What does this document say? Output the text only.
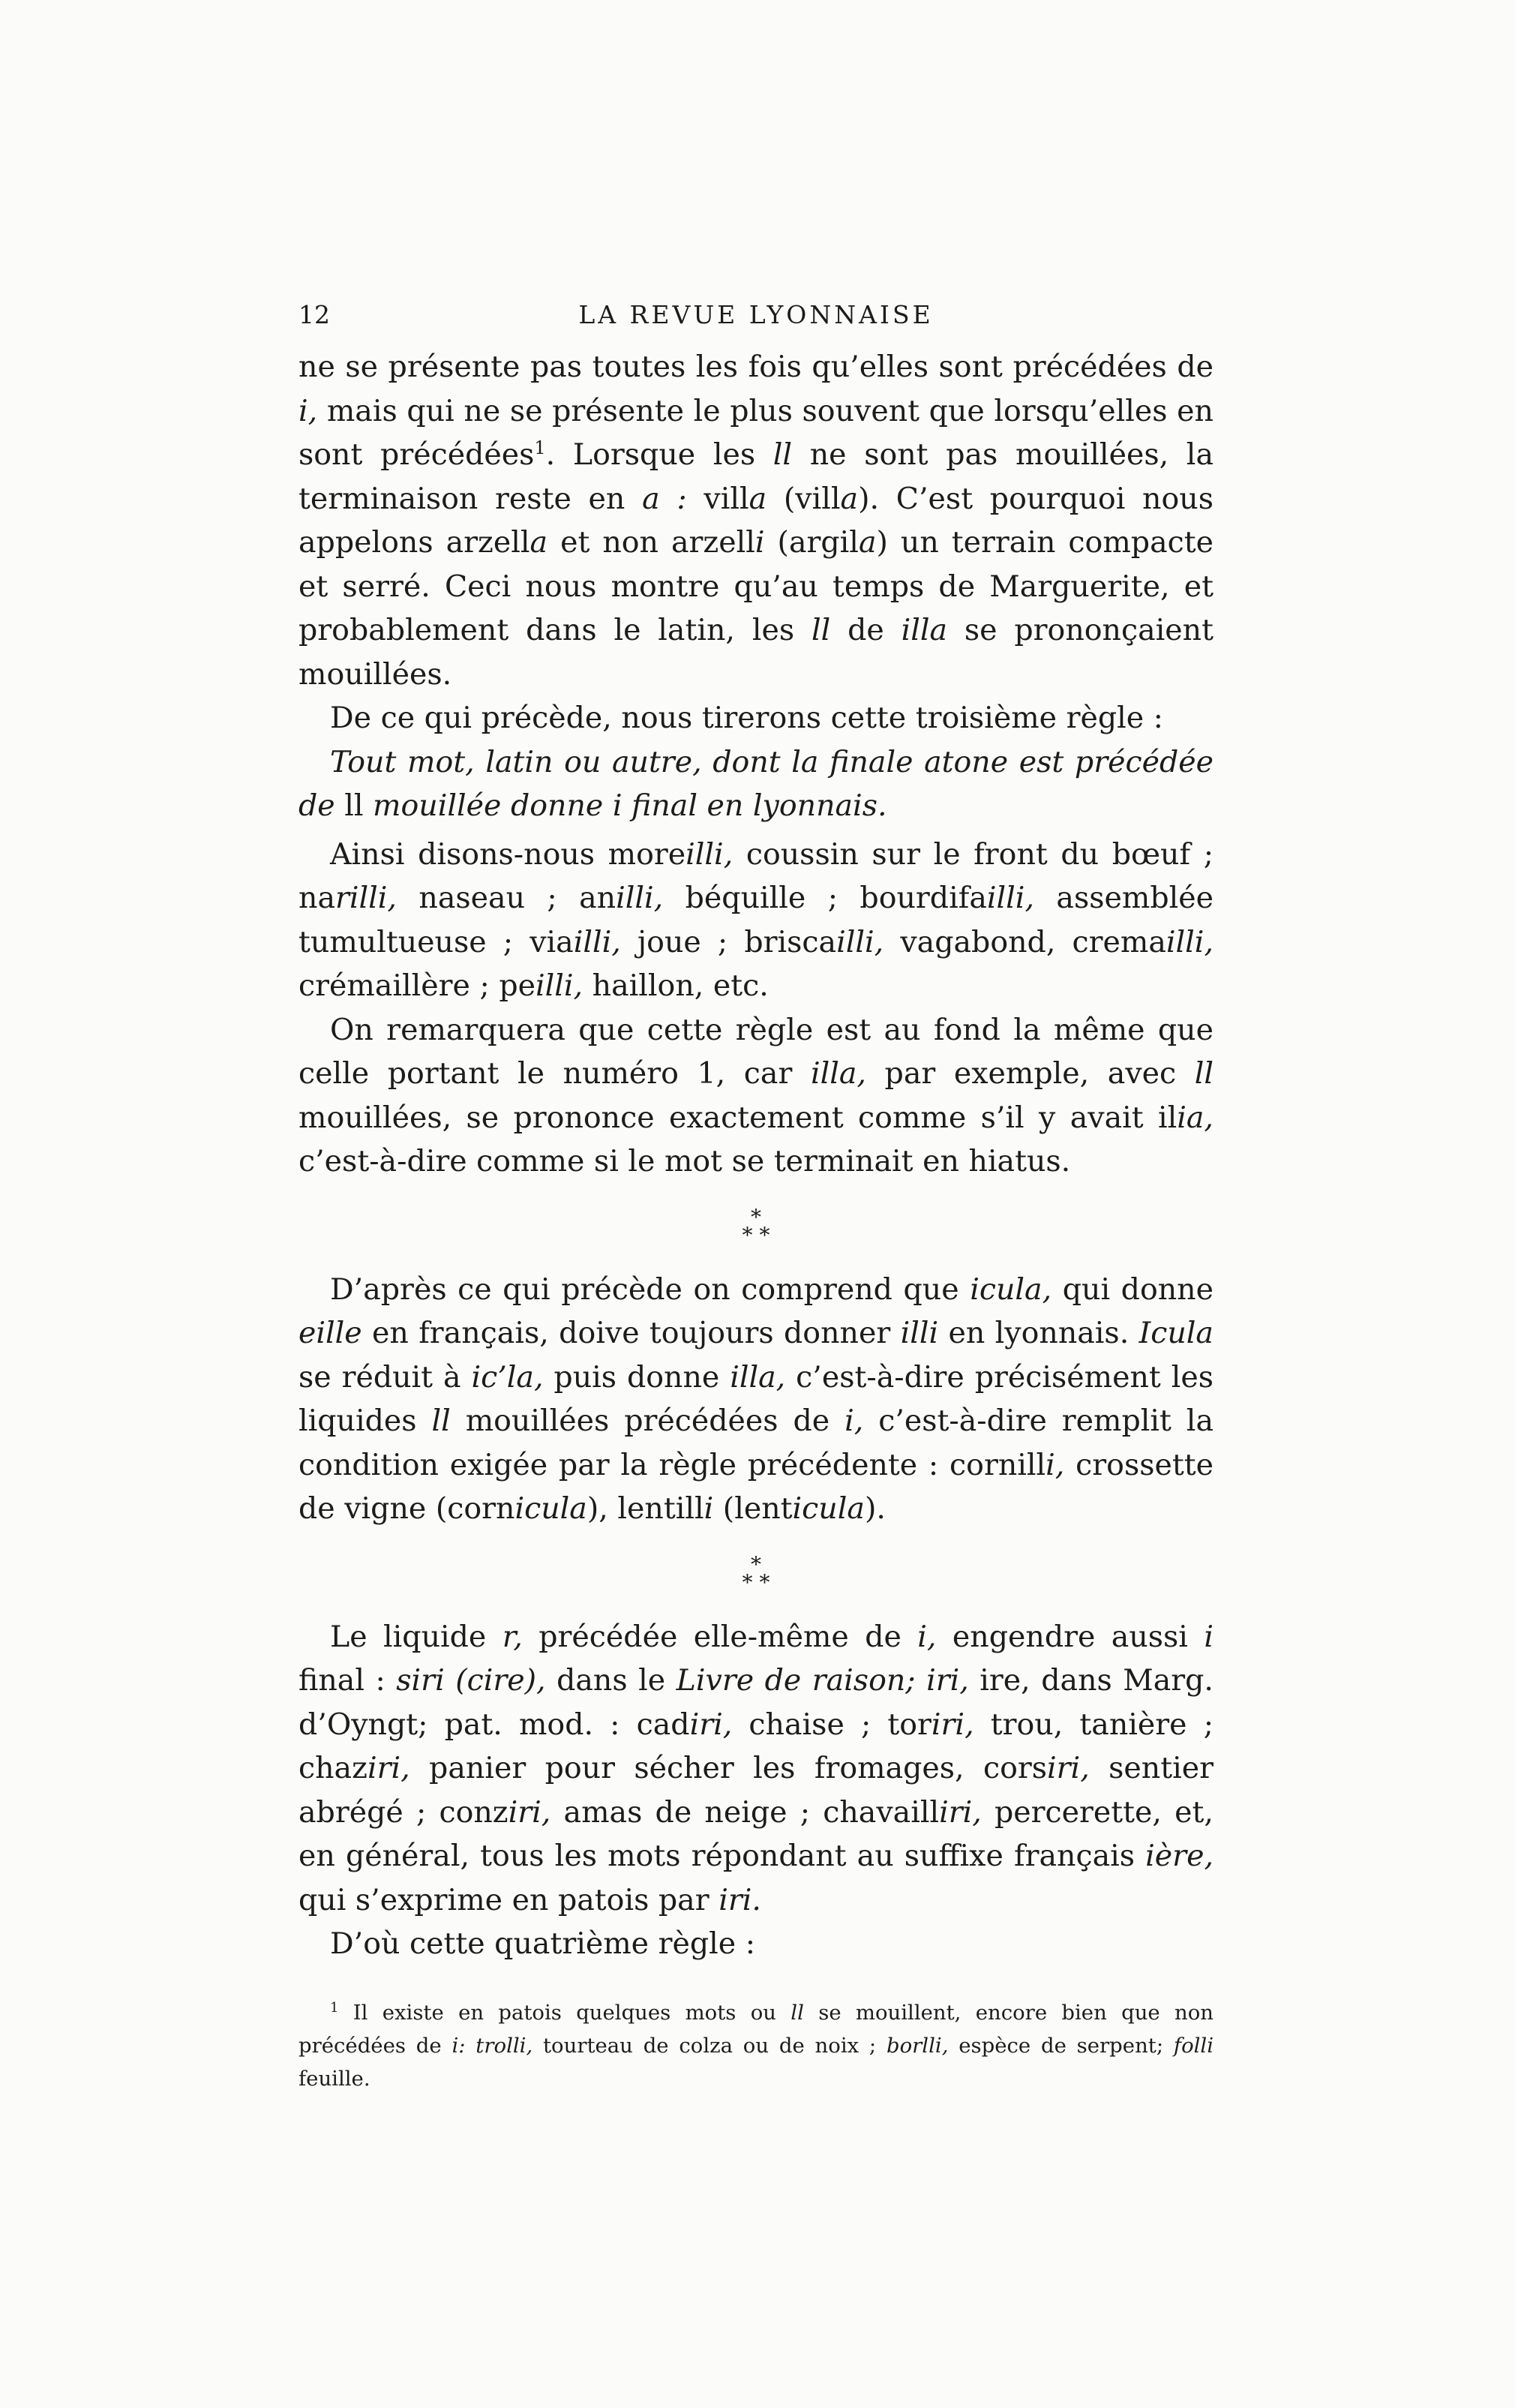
12	LA REVUE LYONNAISE

ne se présente pas toutes les fois qu’elles sont précédées de i, mais qui ne se présente le plus souvent que lorsqu’elles en sont précédées$^1$. Lorsque les ll ne sont pas mouillées, la terminaison reste en a : villa (villa). C’est pourquoi nous appelons arzella et non arzelli (argila) un terrain compacte et serré. Ceci nous montre qu’au temps de Marguerite, et probablement dans le latin, les ll de illa se prononçaient mouillées.

De ce qui précède, nous tirerons cette troisième règle :

Tout mot, latin ou autre, dont la finale atone est précédée de ll mouillée donne i final en lyonnais.

Ainsi disons-nous moreilli, coussin sur le front du bœuf ; narilli, naseau ; anilli, béquille ; bourdifailli, assemblée tumultueuse ; viailli, joue ; briscailli, vagabond, cremailli, crémaillère ; peilli, haillon, etc.

On remarquera que cette règle est au fond la même que celle portant le numéro 1, car illa, par exemple, avec ll mouillées, se prononce exactement comme s’il y avait ilia, c’est-à-dire comme si le mot se terminait en hiatus.

*
* *

D’après ce qui précède on comprend que icula, qui donne eille en français, doive toujours donner illi en lyonnais. Icula se réduit à ic’la, puis donne illa, c’est-à-dire précisément les liquides ll mouillées précédées de i, c’est-à-dire remplit la condition exigée par la règle précédente : cornilli, crossette de vigne (cornicula), lentilli (lenticula).

*
* *

Le liquide r, précédée elle-même de i, engendre aussi i final : siri (cire), dans le Livre de raison; iri, ire, dans Marg. d’Oyngt; pat. mod. : cadiri, chaise ; toriri, trou, tanière ; chaziri, panier pour sécher les fromages, corsiri, sentier abrégé ; conziri, amas de neige ; chavailliri, percerette, et, en général, tous les mots répondant au suffixe français ière, qui s’exprime en patois par iri.

D’où cette quatrième règle :

$^1$ Il existe en patois quelques mots ou ll se mouillent, encore bien que non précédées de i: trolli, tourteau de colza ou de noix ; borlli, espèce de serpent; folli feuille.
